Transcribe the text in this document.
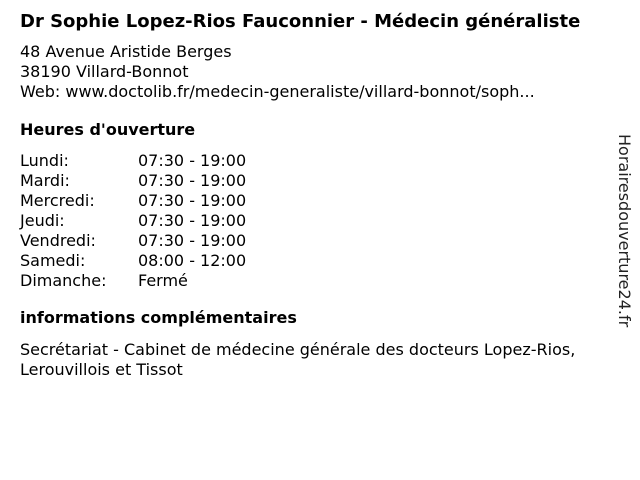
Dr Sophie Lopez-Rios Fauconnier - Médecin généraliste
48 Avenue Aristide Berges
38190 Villard-Bonnot
Web: www.doctolib.fr/medecin-generaliste/villard-bonnot/soph...
Heures d'ouverture
Lundi:	07:30 - 19:00
Mardi:	07:30 - 19:00
Mercredi:	07:30 - 19:00
Jeudi:	07:30 - 19:00
Vendredi:	07:30 - 19:00
Samedi:	08:00 - 12:00
Dimanche:	Fermé
informations complémentaires
Secrétariat - Cabinet de médecine générale des docteurs Lopez-Rios, Lerouvillois et Tissot
Horairesdouverture24.fr
